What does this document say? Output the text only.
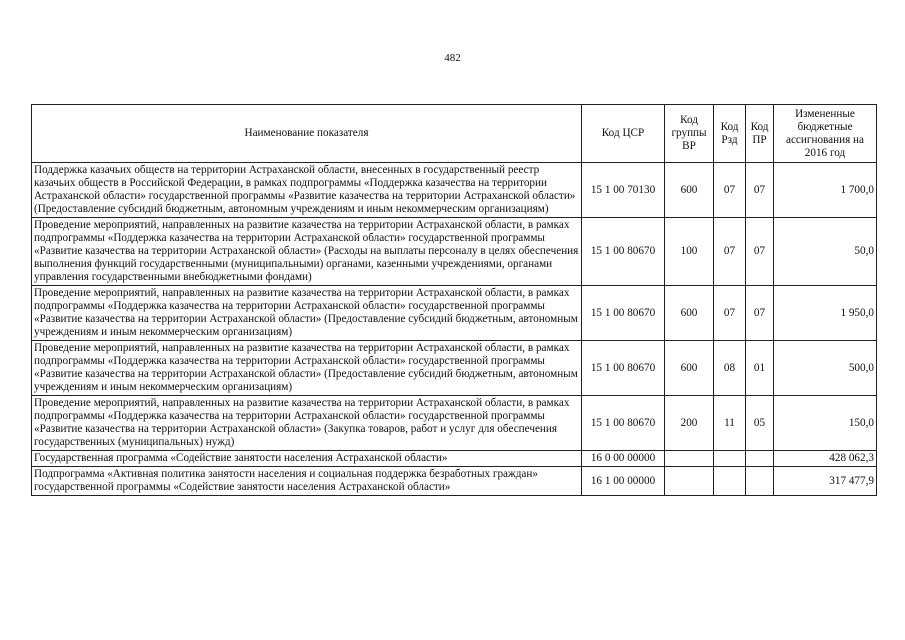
482
Наименование показателя	Код ЦСР	Код группы ВР	Код Рзд	Код ПР	Измененные бюджетные ассигнования на 2016 год
Поддержка казачьих обществ на территории Астраханской области, внесенных в государственный реестр казачьих обществ в Российской Федерации, в рамках подпрограммы «Поддержка казачества на территории Астраханской области» государственной программы «Развитие казачества на территории Астраханской области» (Предоставление субсидий бюджетным, автономным учреждениям и иным некоммерческим организациям)	15 1 00 70130	600	07	07	1 700,0
Проведение мероприятий, направленных на развитие казачества на территории Астраханской области, в рамках подпрограммы «Поддержка казачества на территории Астраханской области» государственной программы «Развитие казачества на территории Астраханской области» (Расходы на выплаты персоналу в целях обеспечения выполнения функций государственными (муниципальными) органами, казенными учреждениями, органами управления государственными внебюджетными фондами)	15 1 00 80670	100	07	07	50,0
Проведение мероприятий, направленных на развитие казачества на территории Астраханской области, в рамках подпрограммы «Поддержка казачества на территории Астраханской области» государственной программы «Развитие казачества на территории Астраханской области» (Предоставление субсидий бюджетным, автономным учреждениям и иным некоммерческим организациям)	15 1 00 80670	600	07	07	1 950,0
Проведение мероприятий, направленных на развитие казачества на территории Астраханской области, в рамках подпрограммы «Поддержка казачества на территории Астраханской области» государственной программы «Развитие казачества на территории Астраханской области» (Предоставление субсидий бюджетным, автономным учреждениям и иным некоммерческим организациям)	15 1 00 80670	600	08	01	500,0
Проведение мероприятий, направленных на развитие казачества на территории Астраханской области, в рамках подпрограммы «Поддержка казачества на территории Астраханской области» государственной программы «Развитие казачества на территории Астраханской области» (Закупка товаров, работ и услуг для обеспечения государственных (муниципальных) нужд)	15 1 00 80670	200	11	05	150,0
Государственная программа «Содействие занятости населения Астраханской области»	16 0 00 00000				428 062,3
Подпрограмма «Активная политика занятости населения и социальная поддержка безработных граждан» государственной программы «Содействие занятости населения Астраханской области»	16 1 00 00000				317 477,9
